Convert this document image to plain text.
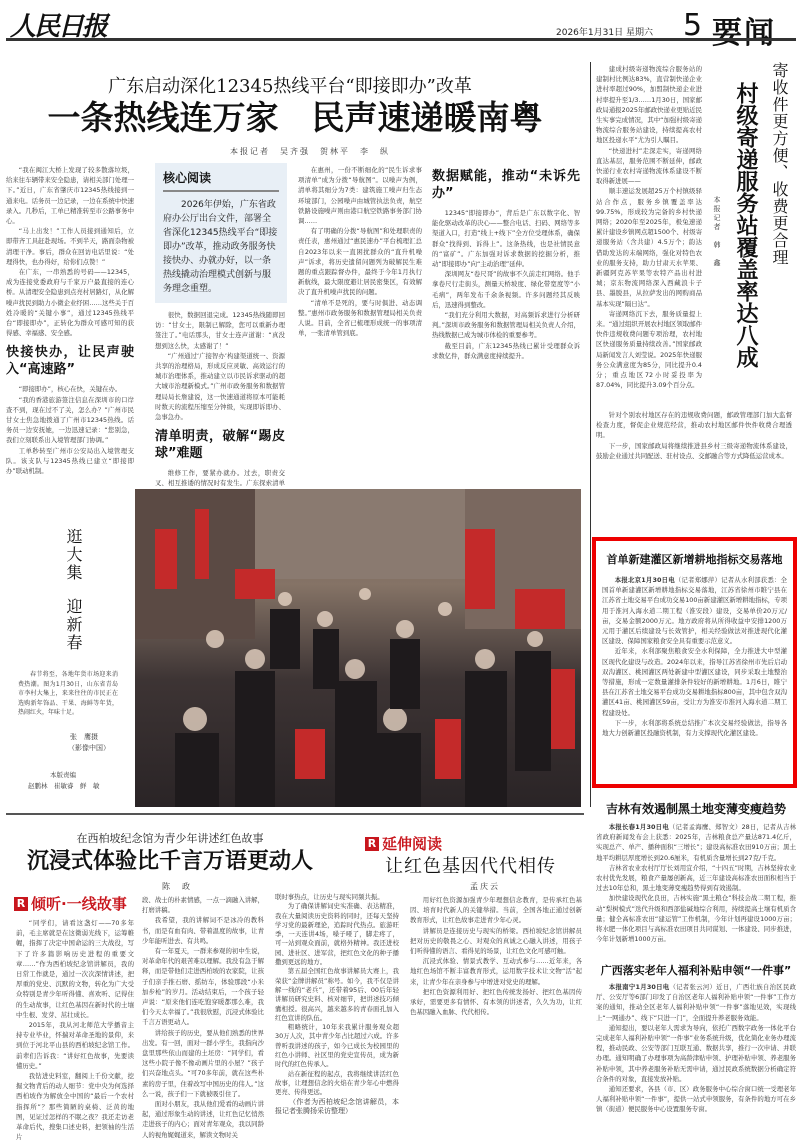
人民日报	2026年1月31日 星期六 5 要闻
广东启动深化12345热线平台“即接即办”改革
一条热线连万家　民声速递暖南粤
本报记者　吴齐强　贺林平　李　纵

“我在闽江大桥上发现了较多散落垃圾，给来往车辆带来安全隐患，请相关部门处理一下。”近日，广东省肇庆市12345热线接到一通来电。话务员一边记录，一边在系统中快速录入。几秒后，工单已精准转至市公路事务中心。

“马上出发！”工作人员接到通知后，立即带齐工具赶赴现场。不到半天，路面杂物被清理干净。事后，群众在回访电话里说：“处理得快，也办得好，给你们点赞！”

在广东，一串熟悉的号码——12345，成为连接党委政府与千家万户最直接的连心桥。从清理安全隐患到点亮村居路灯，从化解噪声扰民到助力小微企业纾困……这些关于百姓冷暖的“关键小事”，通过12345热线平台“即接即办”，正转化为群众可感可知的获得感、幸福感、安全感。

快接快办，让民声驶入“高速路”

“即接即办”，核心在快，关键在办。

“我的香港旅游签注信息在深圳市的口岸查不到，现在过不了关，怎么办？”广州市民甘女士焦急地拨通了广州市12345热线。话务员一边安抚她，一边迅速记录：“您别急，我们立刻联系出入境管理部门协调。”

工单秒转至广州市公安局出入境管理支队。该支队与12345热线已建立“即接即办”联动机制。

核心阅读
2026年伊始，广东省政府办公厅出台文件，部署全省深化12345热线平台“即接即办”改革，推动政务服务快接快办、办就办好，以一条热线撬动治理模式创新与服务理念重塑。

很快，数据回退完成。12345热线随即回访：“甘女士，限制已解除，您可以重新办理签注了。”电话那头，甘女士连声道谢：“真没想到这么快，太感谢了！”

“广州通过‘广接智办’构建渠道统一、资源共享的治理格局，形成反应灵敏、高效运行的城市治理体系，推动建立以市民诉求驱动的超大城市治理新模式。”广州市政务服务和数据管理局局长詹建说，这一快速通道将原本可能耗时数天的流程压缩至分钟级，实现即诉即办、急事急办。

清单明责，破解“踢皮球”难题

维修工作，要紧办就办。过去，职责交叉、相互推诿的情况时有发生。广东探索清单

在惠州，一份不断细化的“民生诉求事项清单”成为分拨“导航图”。以噪声为例，清单将其细分为7类：建筑施工噪声归生态环境部门，公园噪声由城管执法负责，航空铁路设施噪声则由港口航空铁路事务部门协调……

有了明确的分拨“导航图”和处理职责的责任表，惠州通过“惠民速办”平台梳理汇总自2023年以来一直困扰群众的“直升机噪声”诉求，将历史遗留问题列为破解民生难题的重点跟踪督办件，最终于今年1月执行新航线，最大限度避让居民密集区，有效解决了直升机噪声扰民的问题。

“清单不是死的，要与时俱进、动态调整。”惠州市政务服务和数据管理局相关负责人说。目前，全省已梳理形成统一的事项清单，一张清单管到底。

数据赋能，推动“未诉先办”

12345“即接即办”，背后是广东以数字化、智能化驱动改革的决心——整合电话、扫码、网络等多渠道入口，打造“线上+线下”全方位受理体系，确保群众“找得到、诉得上”。这条热线，也是社情民意的“富矿”。广东加强对诉求数据的挖掘分析，推动“即接即办”向“主动治理”延伸。

深圳网友“卷尺哥”的故事不久前走红网络。他手拿卷尺行走街头，测量天桥坡度、绿化带宽度等“小毛病”，两年发布千余条视频。许多问题经其反映后，迅速得到整改。

“我们充分利用大数据，对高频诉求进行分析研判。”深圳市政务服务和数据管理局相关负责人介绍，热线数据已成为城市体检的重要参考。

截至目前，广东12345热线已累计受理群众诉求数亿件，群众满意度持续提升。

建成村级寄递物流综合服务站的建制村比例达83%，直营制快递企业进村率超过90%，加盟制快递企业进村率提升至1/3……1月30日，国家邮政局通报2025年邮政快递业更贴近民生实事完成情况，其中“加强村级寄递物流综合服务站建设，持续提高农村地区投递水平”尤为引人瞩目。

“快递进村”走深走实，寄递网络直达基层，服务范围不断延伸，邮政快递行业农村寄递物流体系建设不断取得新进展——

顺丰速运发展超25万个村镇级驿站合作点，服务乡镇覆盖率达99.75%，形成较为完备的乡村快递网络；2020年至2025年，极兔速递累计建设乡镇网点超1500个、村级寄递服务站（含共建）4.5万个；韵达借助发达的末端网络，强化对特色农业的服务支持，助力甘肃天水苹果、新疆阿克苏苹果等农特产品出村进城；京东物流网络深入西藏浪卡子县、墨脱县，从拉萨发出的网购商品基本实现“隔日达”。

寄递网络沉下去，服务质量提上来。“通过组织开展农村地区领取邮件快件违规收费问题专项治理，农村地区快递服务质量持续改善。”国家邮政局新闻发言人刘莹说。2025年快递服务公众满意度为85分，同比提升0.4分；重点地区72小时妥投率为87.04%，同比提升3.09个百分点。

寄收件更方便、收费更合理
村级寄递服务站覆盖率达八成
本报记者　韩　鑫

针对个别农村地区存在的违规收费问题，邮政管理部门加大监督检查力度，督促企业规范经营，推动农村地区邮件快件收费合理透明。

下一步，国家邮政局将继续推进县乡村三级寄递物流体系建设，鼓励企业通过共同配送、驻村设点、交邮融合等方式降低运营成本。

首单新建灌区新增耕地指标交易落地

本报北京1月30日电（记者郑娜萍）记者从水利部获悉：全国首单新建灌区新增耕地指标交易落地，江苏省徐州市睢宁县在江苏省土地交易平台成功交易100亩新建灌区新增耕地指标，专项用于淮河入海水道二期工程（淮安段）建设，交易单价20万元/亩，交易金额2000万元。地方政府将从所得收益中安排1200万元用于灌区后续建设与长效管护，相关经验做法对推进现代化灌区建设、保障国家粮食安全具有重要示范意义。

近年来，水利部聚焦粮食安全水利保障，全力推进大中型灌区现代化建设与改造。2024年以来，指导江苏省徐州市先后启动双沟灌区、桃园灌区两处新建中型灌区建设，同步采取土地整治等措施，形成一定数量灌排条件较好的新增耕地。1月6日，睢宁县在江苏省土地交易平台成功交易耕地指标800亩，其中包含双沟灌区41亩、桃园灌区59亩，受让方为淮安市淮河入海水道二期工程建设处。

下一步，水利部将系统总结推广本次交易经验做法，指导各地大力创新灌区投融资机制，有力支撑现代化灌区建设。

吉林有效遏制黑土地变薄变瘦趋势

本报长春1月30日电（记者孟海鹰、郑智文）28日，记者从吉林省政府新闻发布会上获悉：2025年，吉林粮食总产量达871.4亿斤，实现总产、单产、播种面积“三增长”；建设高标准农田910万亩；黑土地平均耕层厚度增长到20.6厘米，有机质含量增长到27克/千克。

吉林省农业农村厅厅长刘用宜介绍，“十四五”时期，吉林坚持农业农村优先发展，粮食产量屡创新高，近三年建设高标准农田面积相当于过去10年总和，黑土地变薄变瘦趋势得到有效遏制。

加快建设现代化良田，吉林实施“黑土粮仓”科技会战二期工程，推动“梨树模式”迭代升级和西部盐碱地综合利用，持续提高土壤有机质含量；健全高标准农田“建运管”工作机制，今年计划再建设1000万亩；将水肥一体化项目与高标准农田项目共同谋划、一体建设、同步推进，今年计划新增1000万亩。

广西落实老年人福利补贴申领“一件事”

本报南宁1月30日电（记者张云河）近日，广西壮族自治区民政厅、公安厅等6部门印发了自治区老年人福利补贴申领“一件事”工作方案的通知，推动全区老年人福利补贴申领“一件事”落地见效，实现线上“一网通办”、线下“只进一门”，全面提升养老服务效能。

通知提出，要以老年人需求为导向，依托广西数字政务一体化平台完成老年人福利补贴申领“一件事”业务系统升级，优化简化业务办理流程，推动民政、公安等部门互联互通、数据共享，推行一次申请、并联办理。通知明确了办理事项为高龄津贴申领、护理补贴申领、养老服务补贴申领，其中养老服务补贴无需申请，通过民政系统数据分析确定符合条件的对象，直接发放补贴。

通知还要求，各县（市、区）政务服务中心综合窗口统一受理老年人福利补贴申领“一件事”，提供一站式申领服务，有条件的地方可在乡镇（街道）便民服务中心设置服务专窗。

逛大集
迎新春

春节将至，各地年货市场迎来消费热潮。图为1月30日，山东省青岛市李村大集上，来来往往的市民正在选购新年饰品、干果、海鲜等年货，热闹红火，年味十足。

张　鹰摄
（影像中国）
本版责编
赵鹏林　崔敏睿　鲜　敏
在西柏坡纪念馆为青少年讲述红色故事
沉浸式体验比千言万语更动人
陈　政
R 倾听·一线故事

“同学们，请看这盏灯——70多年前，毛主席就是在这微弱光线下，运筹帷幄，指挥了决定中国命运的三大战役，写下了许多篇影响历史进程的重要文章……”作为西柏坡纪念馆讲解员，我的日常工作就是，通过一次次深情讲述，把厚重的党史、沉默的文物，转化为广大受众特别是青少年听得懂、喜欢听、记得住的生动故事，让红色基因在新时代的土壤中生根、发芽、茁壮成长。

2015年，我从河北师范大学播音主持专业毕业，怀揣对革命圣地的景仰，来到位于河北平山县的西柏坡纪念馆工作。前辈们告诉我：“讲好红色故事，先要读懂历史。”

我钻进史料室，翻阅上千份文献，挖掘文物背后的动人细节：党中央为何选择西柏坡作为解放全中国的“最后一个农村指挥所”？那些简陋的桌椅、泛黄的地图，见证过怎样的不眠之夜？我还走访老革命后代，搜集口述史料，把领袖的生活片

段、战士的朴素情感，一点一滴融入讲解，打磨讲稿。

我希望，我的讲解词不是冰冷的教科书，而是有血有肉、带着温度的故事，让青少年能听进去、有共鸣。

有一年夏天，一群来参观的初中生说，对革命年代的艰苦难以理解。我没有急于解释，而是带他们走进西柏坡的农家院，让孩子们亲手推石磨、摇纺车，体验那段“小米加步枪”的岁月。活动结束后，一个孩子轻声说：“原来他们连吃饱穿暖都那么难，我们今天太幸福了。”我很欣慰，沉浸式体验比千言万语更动人。

讲给孩子的历史，要从他们熟悉的世界出发。有一回，面对一群小学生，我指向沙盘里那些依山而建的土坯房：“同学们，看这些小院子像不像动画片里的小屋？”孩子们兴奋地点头。“可70多年前，就在这些朴素的房子里，住着改写中国历史的伟人。”这么一说，孩子们一下就被吸引住了。

面对小朋友，我从他们爱看的动画片讲起，通过形象生动的讲述，让红色记忆悄然走进孩子的内心；面对青年观众，我以同龄人的视角娓娓道来，解读文物时关

联时事热点，让历史与现实同频共振。

为了确保讲解词史实准确、表达精准，我在大量阅读历史资料的同时，还每天坚持学习党的最新理论，追踪时代热点。旅游旺季，一天连讲4场，嗓子哑了，脚走疼了，可一站到观众面前，就格外精神。我还进校园、进社区、进军营，把红色文化的种子播撒到更远的地方。

第五届全国红色故事讲解员大赛上，我荣获“金牌讲解员”称号。如今，我不仅是讲解一线的“老兵”，还带着95后、00后年轻讲解员研究史料、核对细节，把讲述技巧倾囊相授。很高兴，越来越多的青春面孔加入红色宣讲的队伍。

粗略统计，10年来我累计服务观众超30万人次，其中青少年占比超过六成。许多曾听我讲述的孩子，如今已成长为校园里的红色小讲师、社区里的党史宣传员，成为新时代的红色传承人。

站在新征程的起点，我将继续讲活红色故事，让理想信念的火焰在青少年心中燃得更亮、传得更远。

（作者为西柏坡纪念馆讲解员，本报记者张腾扬采访整理）

R 延伸阅读
让红色基因代代相传
孟庆云

用好红色资源加强青少年理想信念教育，是传承红色基因、培育时代新人的关键举措。当前，全国各地正通过创新教育形式，让红色故事走进青少年心灵。

讲解员是连接历史与现实的桥梁。西柏坡纪念馆讲解员把对历史的敬畏之心、对观众的真诚之心融入讲述，用孩子们听得懂的语言、看得见的场景，让红色文化可感可触。

沉浸式体验、情景式教学、互动式参与……近年来，各地红色场馆不断丰富教育形式，运用数字技术让文物“活”起来，让青少年在亲身参与中增进对党史的理解。

把红色资源利用好、把红色传统发扬好、把红色基因传承好，需要更多有情怀、有本领的讲述者，久久为功，让红色基因融入血脉、代代相传。
